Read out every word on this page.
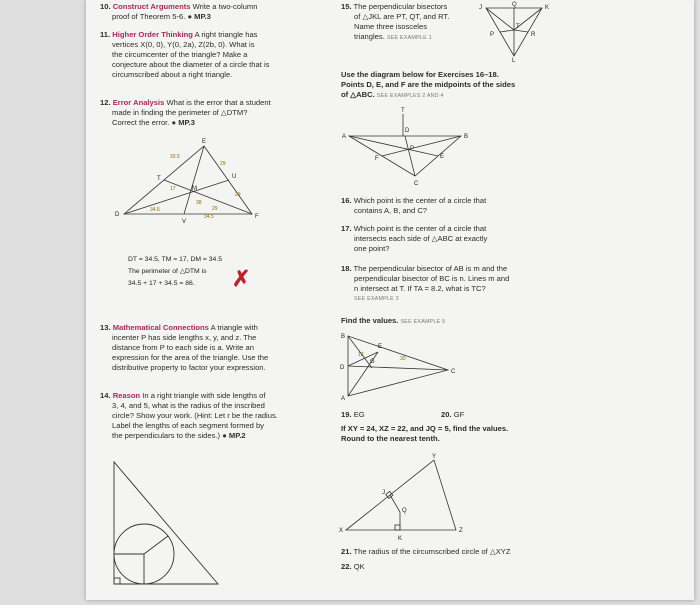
10. Construct Arguments Write a two-column

proof of Theorem 5-6. ● MP.3

11. Higher Order Thinking A right triangle has

vertices X(0, 0), Y(0, 2a), Z(2b, 0). What is

the circumcenter of the triangle? Make a

conjecture about the diameter of a circle that is

circumscribed about a right triangle.

12. Error Analysis What is the error that a student

made in finding the perimeter of △DTM?

Correct the error. ● MP.3

E
T	U
D
V
F
M
33.5
29
17
29
38
34.5
34.5
29
DT = 34.5, TM = 17, DM = 34.5
The perimeter of △DTM is
34.5 + 17 + 34.5 = 86. ✗

13. Mathematical Connections A triangle with

incenter P has side lengths x, y, and z. The

distance from P to each side is a. Write an

expression for the area of the triangle. Use the

distributive property to factor your expression.

14. Reason In a right triangle with side lengths of

3, 4, and 5, what is the radius of the inscribed

circle? Show your work. (Hint: Let r be the radius.

Label the lengths of each segment formed by

the perpendiculars to the sides.) ● MP.2

15. The perpendicular bisectors

of △JKL are PT, QT, and RT.

Name three isosceles

triangles. SEE EXAMPLE 1

J	Q	K
P
T
R
L

Use the diagram below for Exercises 16–18.

Points D, E, and F are the midpoints of the sides

of △ABC. SEE EXAMPLES 2 AND 4

T
A	B
C
D
E
F
P

16. Which point is the center of a circle that

contains A, B, and C?

17. Which point is the center of a circle that

intersects each side of △ABC at exactly

one point?

18. The perpendicular bisector of AB is m and the

perpendicular bisector of BC is n. Lines m and

n intersect at T. If TA = 8.2, what is TC?

SEE EXAMPLE 3

Find the values. SEE EXAMPLE 5

B
E
D
G
C
A
13
30

19. EG	20. GF

If XY = 24, XZ = 22, and JQ = 5, find the values.

Round to the nearest tenth.

Y
X	Z
Q
J
K

21. The radius of the circumscribed circle of △XYZ

22. QK
